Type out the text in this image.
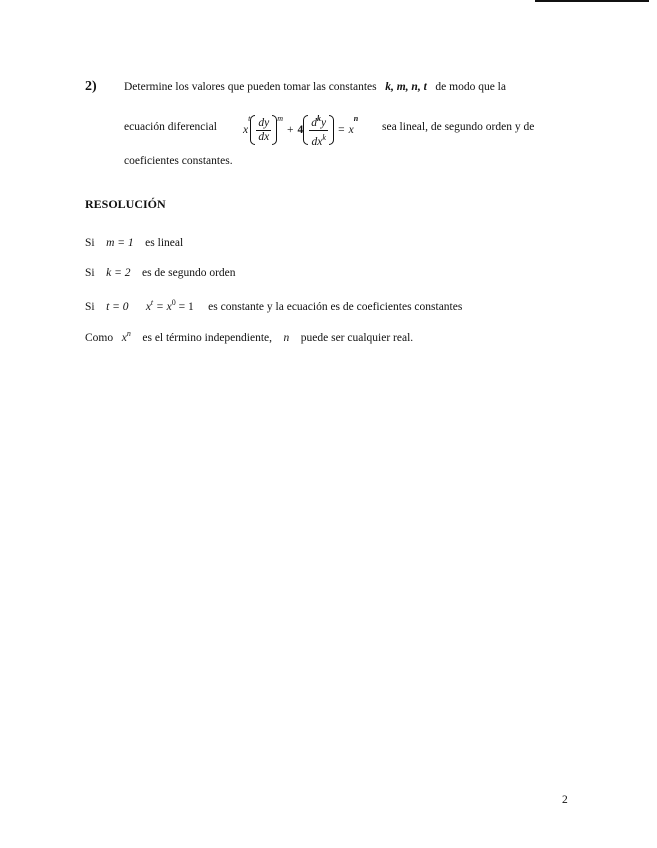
2) Determine los valores que pueden tomar las constantes k, m, n, t de modo que la
ecuación diferencial x
t $\frac{dy}{dx}$ m
+ $4 \frac{d^ky}{dx^k} = x$
n
sea lineal, de segundo orden y de
coeficientes constantes.
RESOLUCIÓN
Si m = 1 es lineal
Si k = 2 es de segundo orden
Si t = 0 $x^t = x^0 = 1$ es constante y la ecuación es de coeficientes constantes
Como $x^n$ es el término independiente, n puede ser cualquier real.
2
